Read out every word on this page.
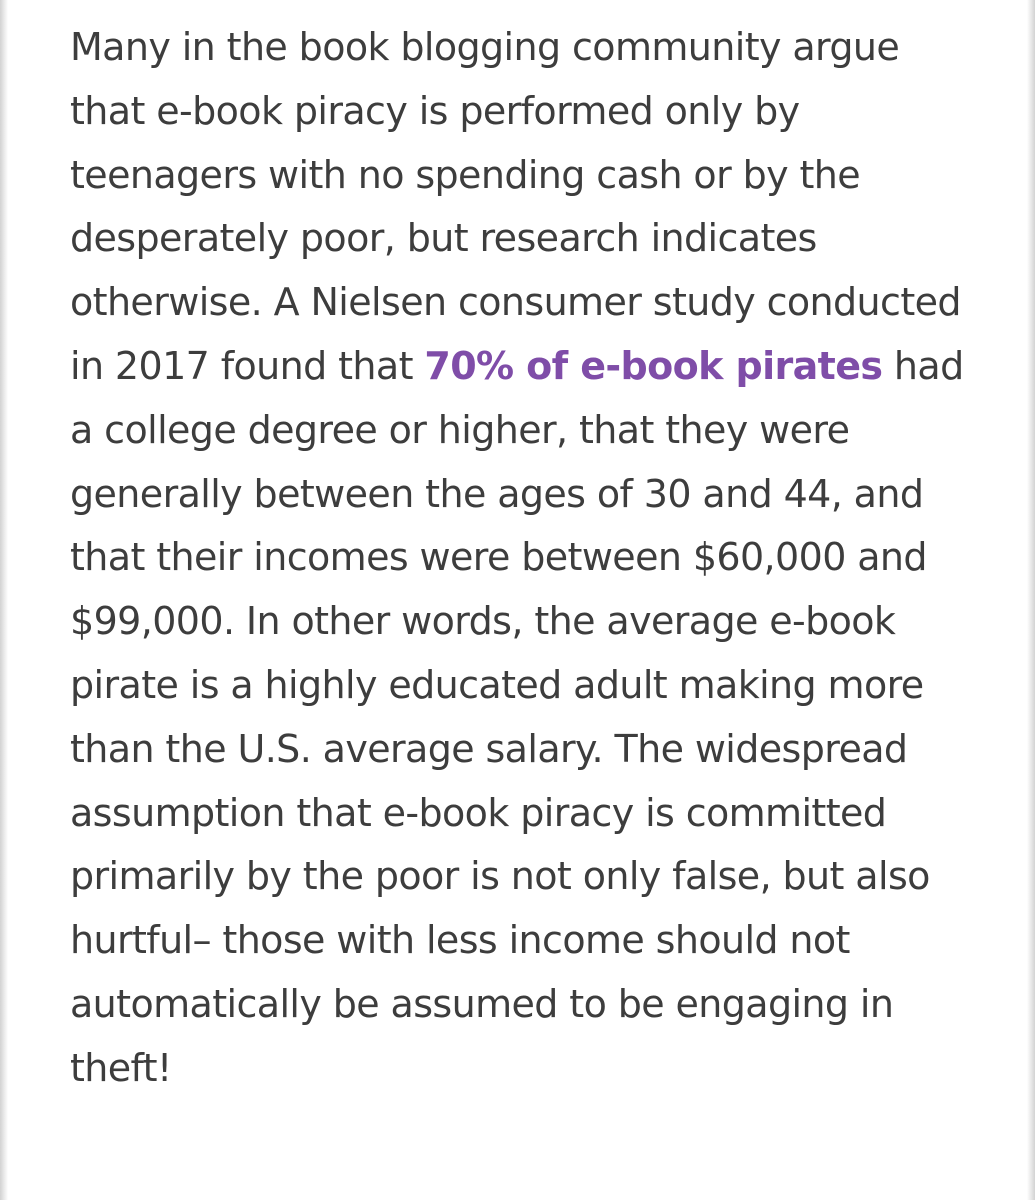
Many in the book blogging community argue that e-book piracy is performed only by teenagers with no spending cash or by the desperately poor, but research indicates otherwise. A Nielsen consumer study conducted in 2017 found that 70% of e-book pirates had a college degree or higher, that they were generally between the ages of 30 and 44, and that their incomes were between $60,000 and $99,000. In other words, the average e-book pirate is a highly educated adult making more than the U.S. average salary. The widespread assumption that e-book piracy is committed primarily by the poor is not only false, but also hurtful– those with less income should not automatically be assumed to be engaging in theft!
